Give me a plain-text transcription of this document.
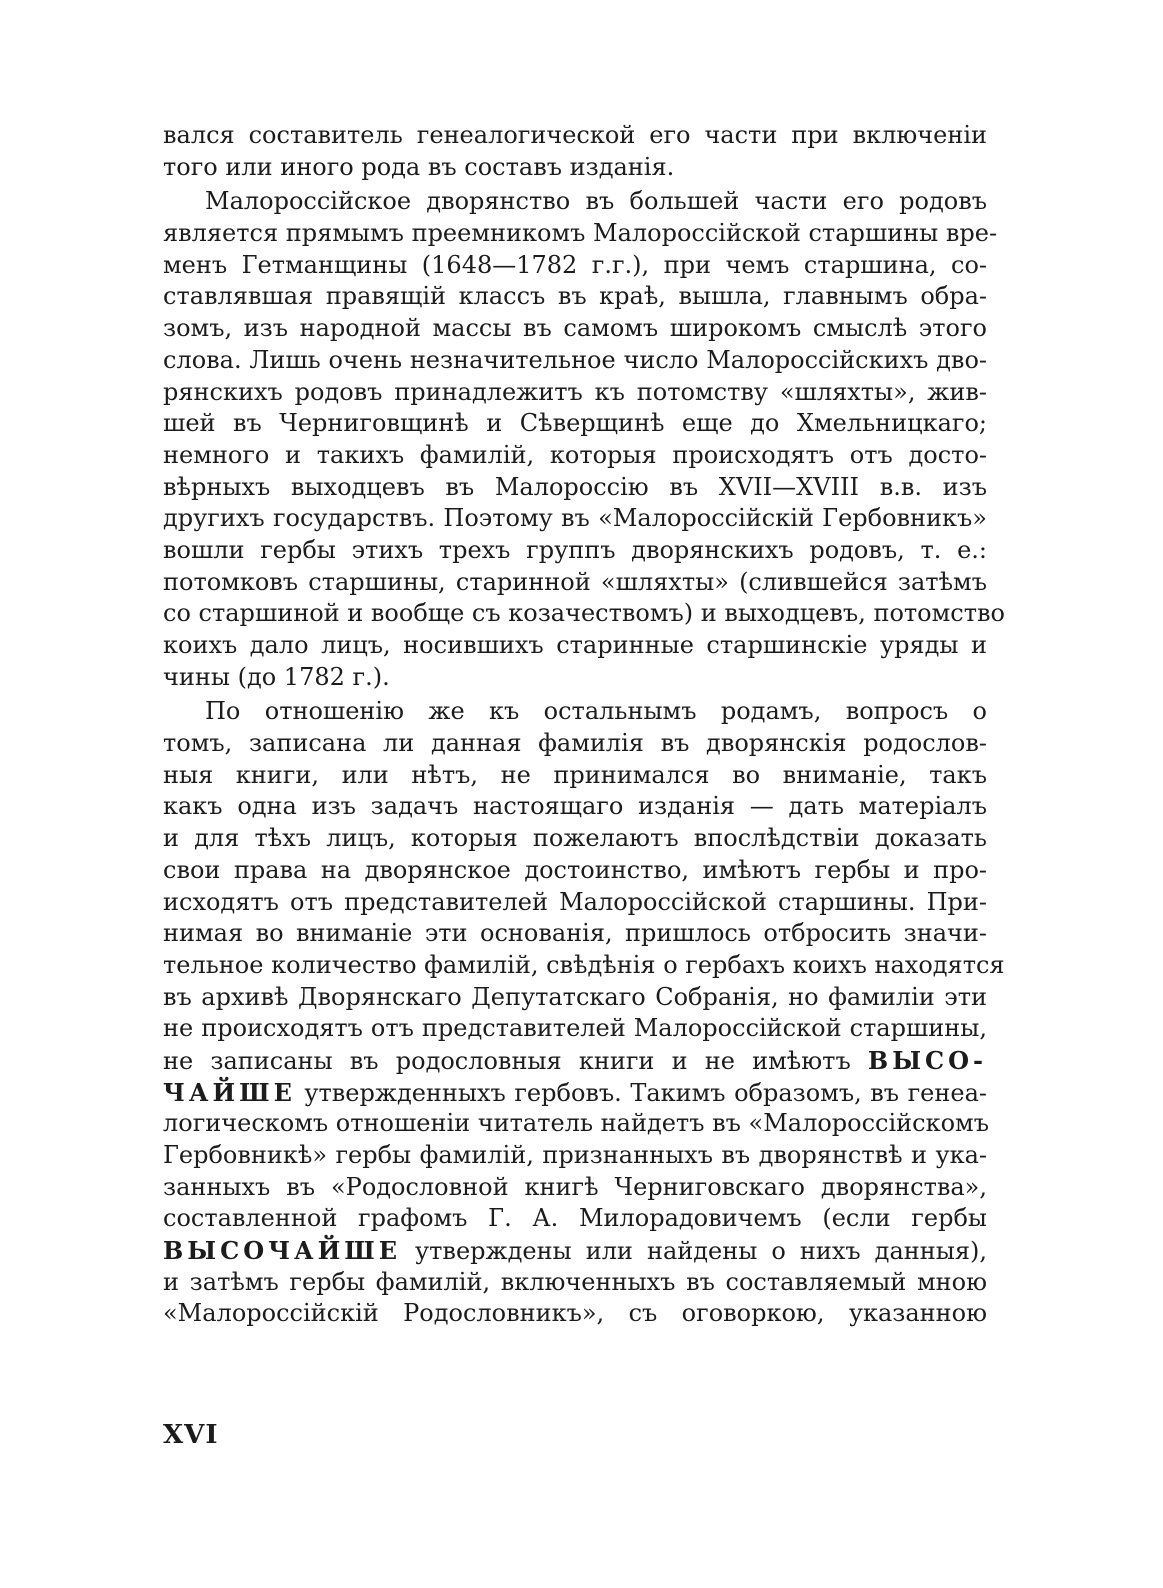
вался составитель генеалогической его части при включеніи
того или иного рода въ составъ изданія.
Малороссійское дворянство въ большей части его родовъ
является прямымъ преемникомъ Малороссійской старшины вре-
менъ Гетманщины (1648—1782 г.г.), при чемъ старшина, со-
ставлявшая правящій классъ въ краѣ, вышла, главнымъ обра-
зомъ, изъ народной массы въ самомъ широкомъ смыслѣ этого
слова. Лишь очень незначительное число Малороссійскихъ дво-
рянскихъ родовъ принадлежитъ къ потомству «шляхты», жив-
шей въ Черниговщинѣ и Сѣверщинѣ еще до Хмельницкаго;
немного и такихъ фамилій, которыя происходятъ отъ досто-
вѣрныхъ выходцевъ въ Малороссію въ XVII—XVIII в.в. изъ
другихъ государствъ. Поэтому въ «Малороссійскій Гербовникъ»
вошли гербы этихъ трехъ группъ дворянскихъ родовъ, т. е.:
потомковъ старшины, старинной «шляхты» (слившейся затѣмъ
со старшиной и вообще съ козачествомъ) и выходцевъ, потомство
коихъ дало лицъ, носившихъ старинные старшинскіе уряды и
чины (до 1782 г.).
По отношенію же къ остальнымъ родамъ, вопросъ о
томъ, записана ли данная фамилія въ дворянскія родослов-
ныя книги, или нѣтъ, не принимался во вниманіе, такъ
какъ одна изъ задачъ настоящаго изданія — дать матеріалъ
и для тѣхъ лицъ, которыя пожелаютъ впослѣдствіи доказать
свои права на дворянское достоинство, имѣютъ гербы и про-
исходятъ отъ представителей Малороссійской старшины. При-
нимая во вниманіе эти основанія, пришлось отбросить значи-
тельное количество фамилій, свѣдѣнія о гербахъ коихъ находятся
въ архивѣ Дворянскаго Депутатскаго Собранія, но фамиліи эти
не происходятъ отъ представителей Малороссійской старшины,
не записаны въ родословныя книги и не имѣютъ ВЫСО-
ЧАЙШЕ утвержденныхъ гербовъ. Такимъ образомъ, въ генеа-
логическомъ отношеніи читатель найдетъ въ «Малороссійскомъ
Гербовникѣ» гербы фамилій, признанныхъ въ дворянствѣ и ука-
занныхъ въ «Родословной книгѣ Черниговскаго дворянства»,
составленной графомъ Г. А. Милорадовичемъ (если гербы
ВЫСОЧАЙШЕ утверждены или найдены о нихъ данныя),
и затѣмъ гербы фамилій, включенныхъ въ составляемый мною
«Малороссійскій Родословникъ», съ оговоркою, указанною
XVI
